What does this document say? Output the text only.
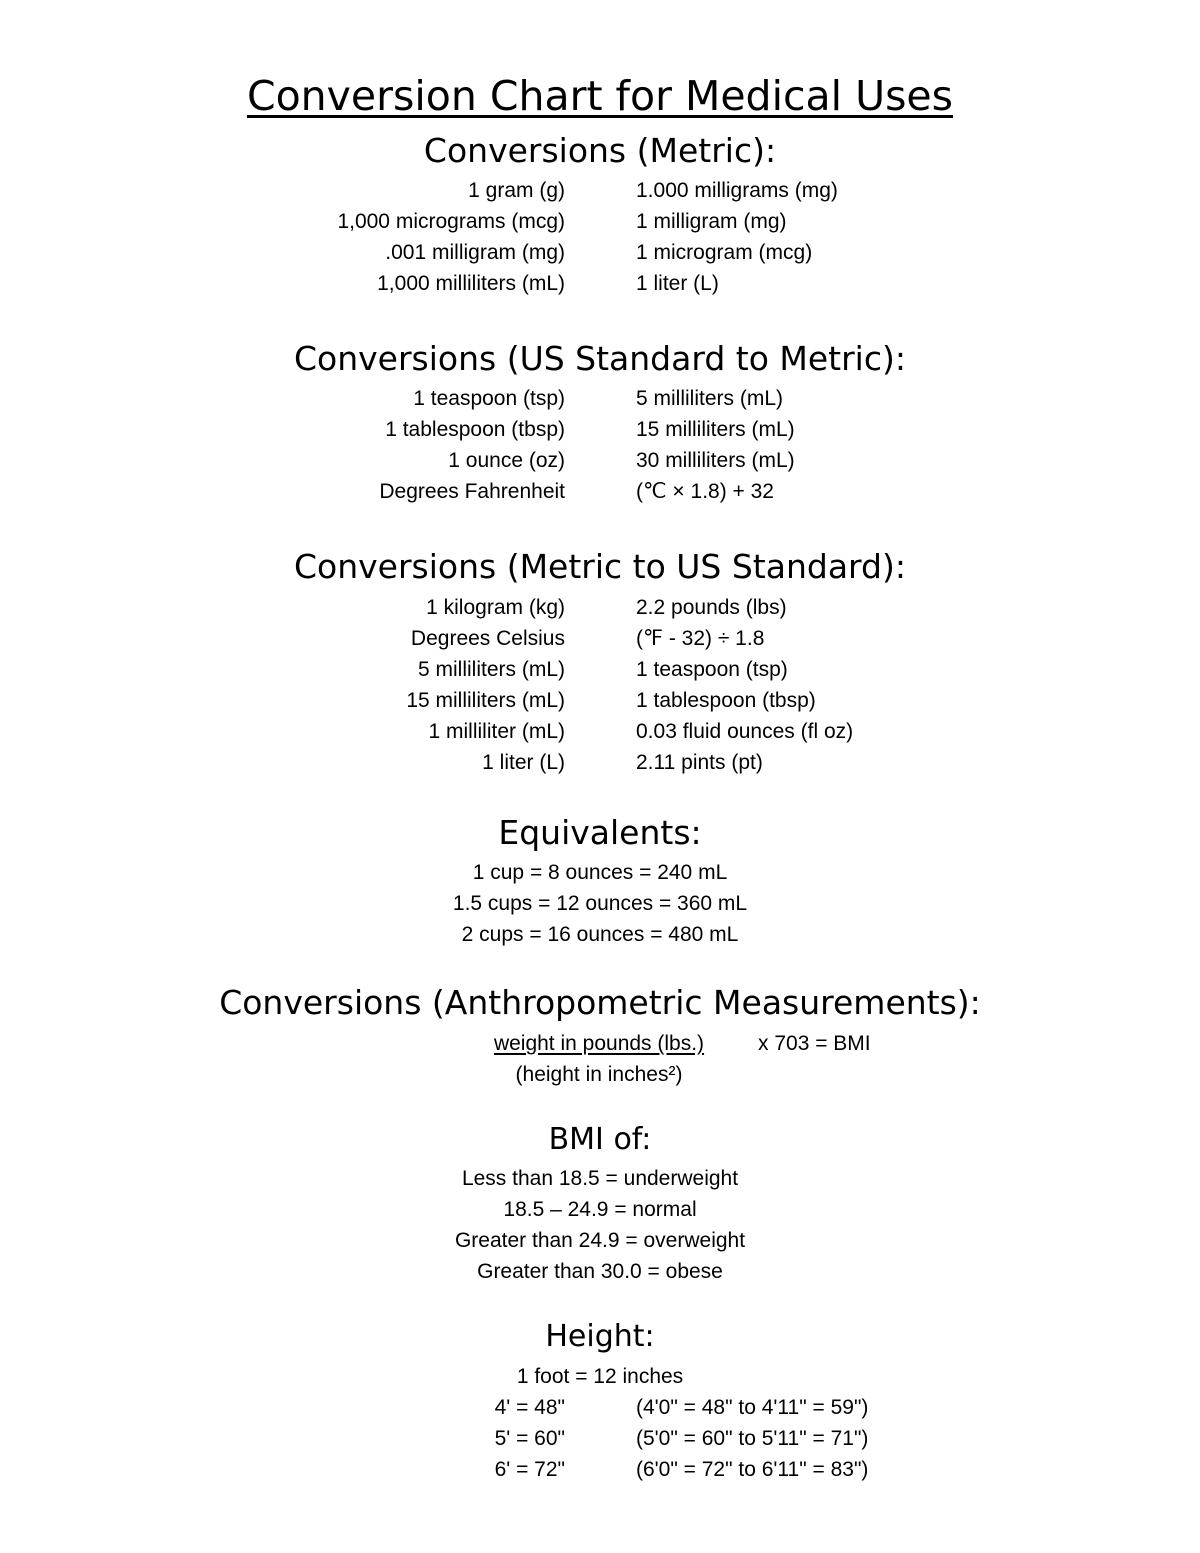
Conversion Chart for Medical Uses
Conversions (Metric):
1 gram (g)	1.000 milligrams (mg)
1,000 micrograms (mcg)	1 milligram (mg)
.001 milligram (mg)	1 microgram (mcg)
1,000 milliliters (mL)	1 liter (L)
Conversions (US Standard to Metric):
1 teaspoon (tsp)	5 milliliters (mL)
1 tablespoon (tbsp)	15 milliliters (mL)
1 ounce (oz)	30 milliliters (mL)
Degrees Fahrenheit	(℃ × 1.8) + 32
Conversions (Metric to US Standard):
1 kilogram (kg)	2.2 pounds (lbs)
Degrees Celsius	(℉ - 32) ÷ 1.8
5 milliliters (mL)	1 teaspoon (tsp)
15 milliliters (mL)	1 tablespoon (tbsp)
1 milliliter (mL)	0.03 fluid ounces (fl oz)
1 liter (L)	2.11 pints (pt)
Equivalents:
1 cup = 8 ounces = 240 mL
1.5 cups = 12 ounces = 360 mL
2 cups = 16 ounces = 480 mL
Conversions (Anthropometric Measurements):
weight in pounds (lbs.)	x 703 = BMI
(height in inches²)
BMI of:
Less than 18.5 = underweight
18.5 – 24.9 = normal
Greater than 24.9 = overweight
Greater than 30.0 = obese
Height:
1 foot = 12 inches
4' = 48"	(4'0" = 48" to 4'11" = 59")
5' = 60"	(5'0" = 60" to 5'11" = 71")
6' = 72"	(6'0" = 72" to 6'11" = 83")
